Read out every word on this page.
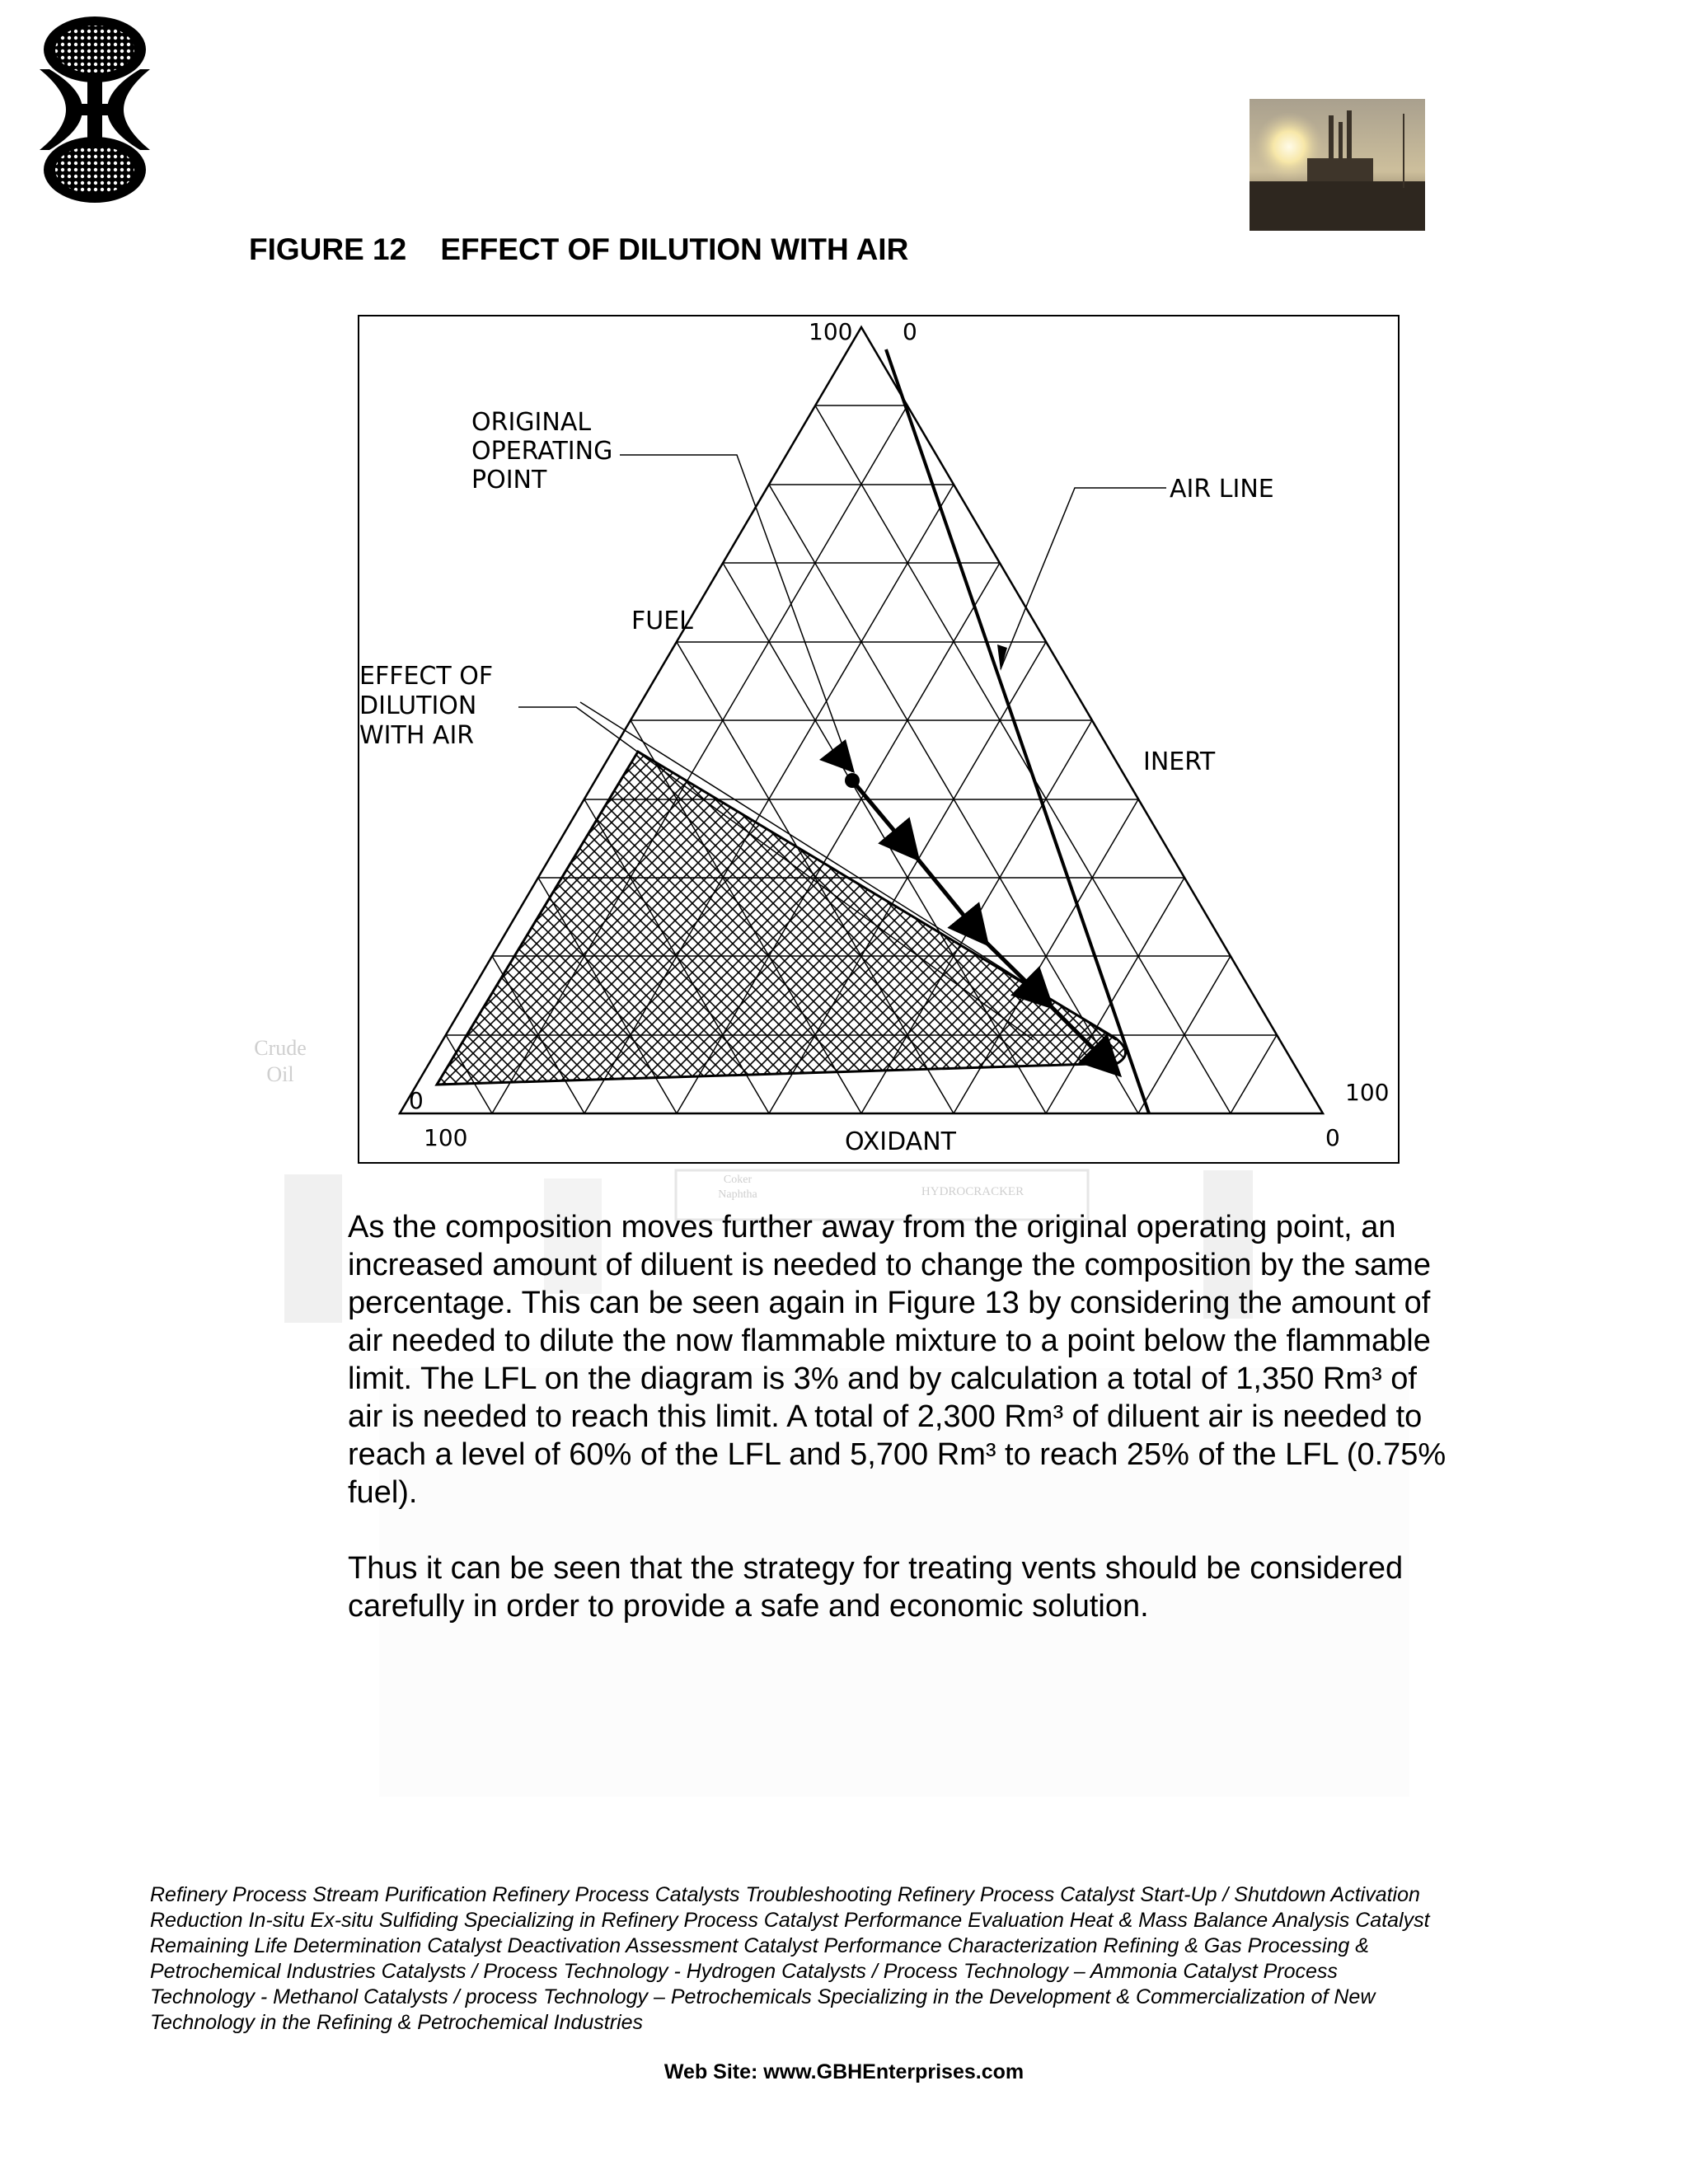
Crude
Oil
Coker
Naphtha	HYDROCRACKER
FIGURE 12    EFFECT OF DILUTION WITH AIR
ORIGINAL
OPERATING
POINT	AIR LINE
FUEL
EFFECT OF
DILUTION
WITH AIR
INERT
OXIDANT
100 0
0	100
100	0

As the composition moves further away from the original operating point, an increased amount of diluent is needed to change the composition by the same percentage. This can be seen again in Figure 13 by considering the amount of air needed to dilute the now flammable mixture to a point below the flammable limit. The LFL on the diagram is 3% and by calculation a total of 1,350 Rm³ of air is needed to reach this limit. A total of 2,300 Rm³ of diluent air is needed to reach a level of 60% of the LFL and 5,700 Rm³ to reach 25% of the LFL (0.75% fuel).

Thus it can be seen that the strategy for treating vents should be considered carefully in order to provide a safe and economic solution.

Refinery Process Stream Purification Refinery Process Catalysts Troubleshooting Refinery Process Catalyst Start-Up / Shutdown Activation Reduction In-situ Ex-situ Sulfiding Specializing in Refinery Process Catalyst Performance Evaluation Heat & Mass Balance Analysis Catalyst Remaining Life Determination Catalyst Deactivation Assessment Catalyst Performance Characterization Refining & Gas Processing & Petrochemical Industries Catalysts / Process Technology - Hydrogen Catalysts / Process Technology – Ammonia Catalyst Process Technology - Methanol Catalysts / process Technology – Petrochemicals Specializing in the Development & Commercialization of New Technology in the Refining & Petrochemical Industries

Web Site: www.GBHEnterprises.com
